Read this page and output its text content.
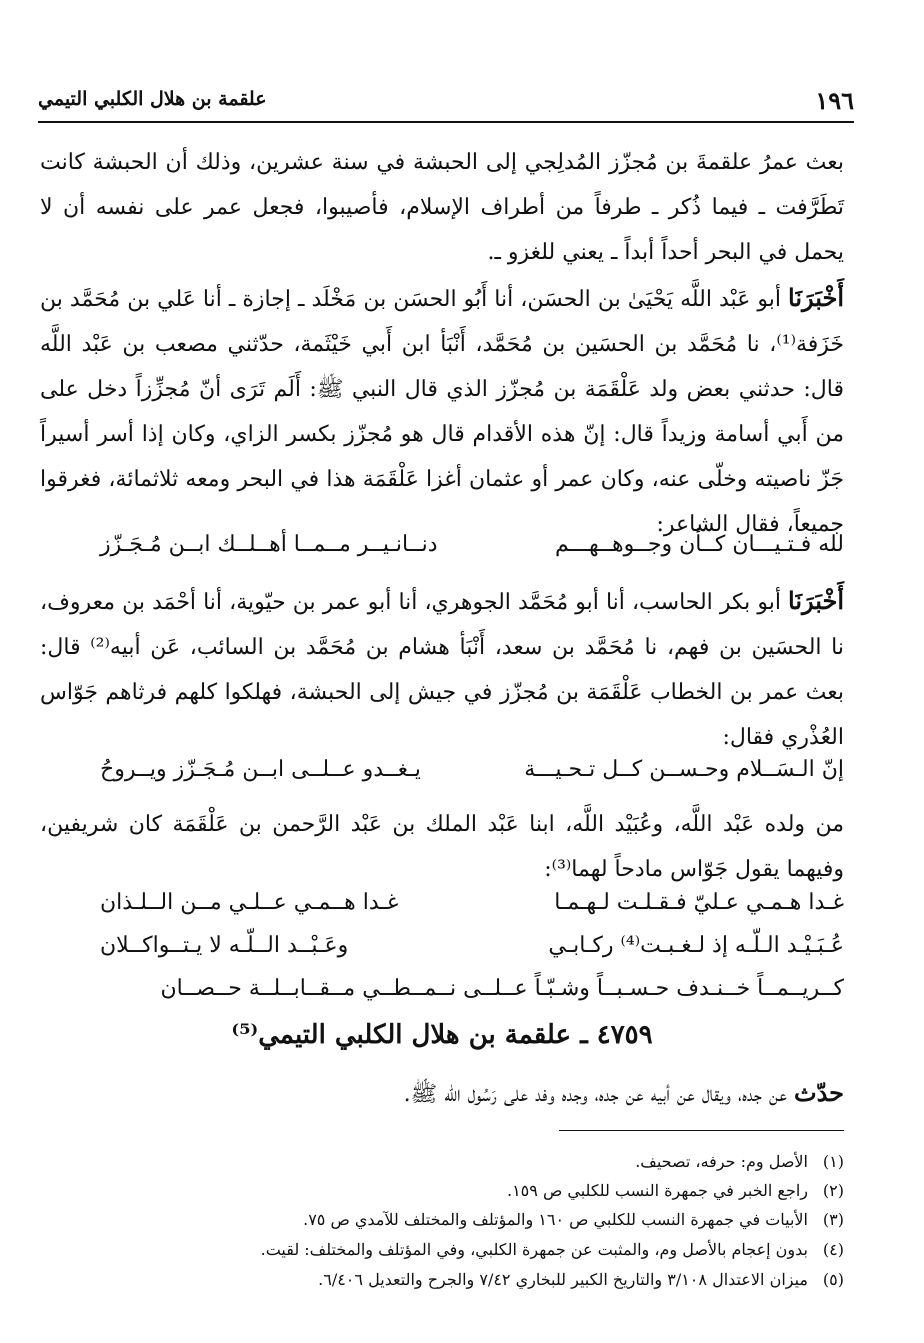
١٩٦
علقمة بن هلال الكلبي التيمي
بعث عمرُ علقمةَ بن مُجزّز المُدلِجي إلى الحبشة في سنة عشرين، وذلك أن الحبشة كانت تَطَرَّفت ـ فيما ذُكر ـ طرفاً من أطراف الإسلام، فأصيبوا، فجعل عمر على نفسه أن لا يحمل في البحر أحداً أبداً ـ يعني للغزو ـ.
أَخْبَرَنَا أبو عَبْد اللَّه يَحْيَىٰ بن الحسَن، أنا أَبُو الحسَن بن مَخْلَد ـ إجازة ـ أنا عَلي بن مُحَمَّد بن خَزَفة⁽¹⁾، نا مُحَمَّد بن الحسَين بن مُحَمَّد، أَنْبَأ ابن أَبي خَيْثَمة، حدّثني مصعب بن عَبْد اللَّه قال: حدثني بعض ولد عَلْقَمَة بن مُجزّز الذي قال النبي ﷺ: أَلَم تَرَى أنّ مُجزِّزاً دخل على من أَبي أسامة وزيداً قال: إنّ هذه الأقدام قال هو مُجزّز بكسر الزاي، وكان إذا أسر أسيراً جَزّ ناصيته وخلّى عنه، وكان عمر أو عثمان أغزا عَلْقَمَة هذا في البحر ومعه ثلاثمائة، فغرقوا جميعاً، فقال الشاعر:
لله فـتـيـــان كــأن وجــوهــهـــم
دنــانـيــر مــمــا أهــلــك ابــن مُـجَـزّز
أَخْبَرَنَا أبو بكر الحاسب، أنا أبو مُحَمَّد الجوهري، أنا أبو عمر بن حيّوية، أنا أحْمَد بن معروف، نا الحسَين بن فهم، نا مُحَمَّد بن سعد، أَنْبَأ هشام بن مُحَمَّد بن السائب، عَن أبيه⁽²⁾ قال: بعث عمر بن الخطاب عَلْقَمَة بن مُجزّز في جيش إلى الحبشة، فهلكوا كلهم فرثاهم جَوّاس العُذْري فقال:
إنّ الـسَــلام وحـســن كــل تـحـيـــة
يـغــدو عــلــى ابــن مُـجَـزّز ويــروحُ
من ولده عَبْد اللَّه، وعُبَيْد اللَّه، ابنا عَبْد الملك بن عَبْد الرَّحمن بن عَلْقَمَة كان شريفين، وفيهما يقول جَوّاس مادحاً لهما⁽³⁾:
غـدا هـمـي عـليّ فـقـلـت لـهـمـا
غـدا هــمـي عــلـي مــن الــلـذان
عُـبَـيْـد الـلّـه إذ لـغـبـت⁽⁴⁾ ركـابـي
وعَـبْــد الــلّـه لا يـتــواكــلان
كــريــمــاً خــنـدف حـسـبــاً وشـبّـاً عــلــى نــمــطــي مــقــابــلــة حــصــان
٤٧٥٩ ـ علقمة بن هلال الكلبي التيمي⁽⁵⁾
حدّث عن جده، ويقال عن أبيه عن جده، وجده وفد على رَسُول الله ﷺ.
(١)الأصل وم: حرفه، تصحيف.
(٢)راجع الخبر في جمهرة النسب للكلبي ص ١٥٩.
(٣)الأبيات في جمهرة النسب للكلبي ص ١٦٠ والمؤتلف والمختلف للآمدي ص ٧٥.
(٤)بدون إعجام بالأصل وم، والمثبت عن جمهرة الكلبي، وفي المؤتلف والمختلف: لقيت.
(٥)ميزان الاعتدال ٣/١٠٨ والتاريخ الكبير للبخاري ٧/٤٢ والجرح والتعديل ٦/٤٠٦.
